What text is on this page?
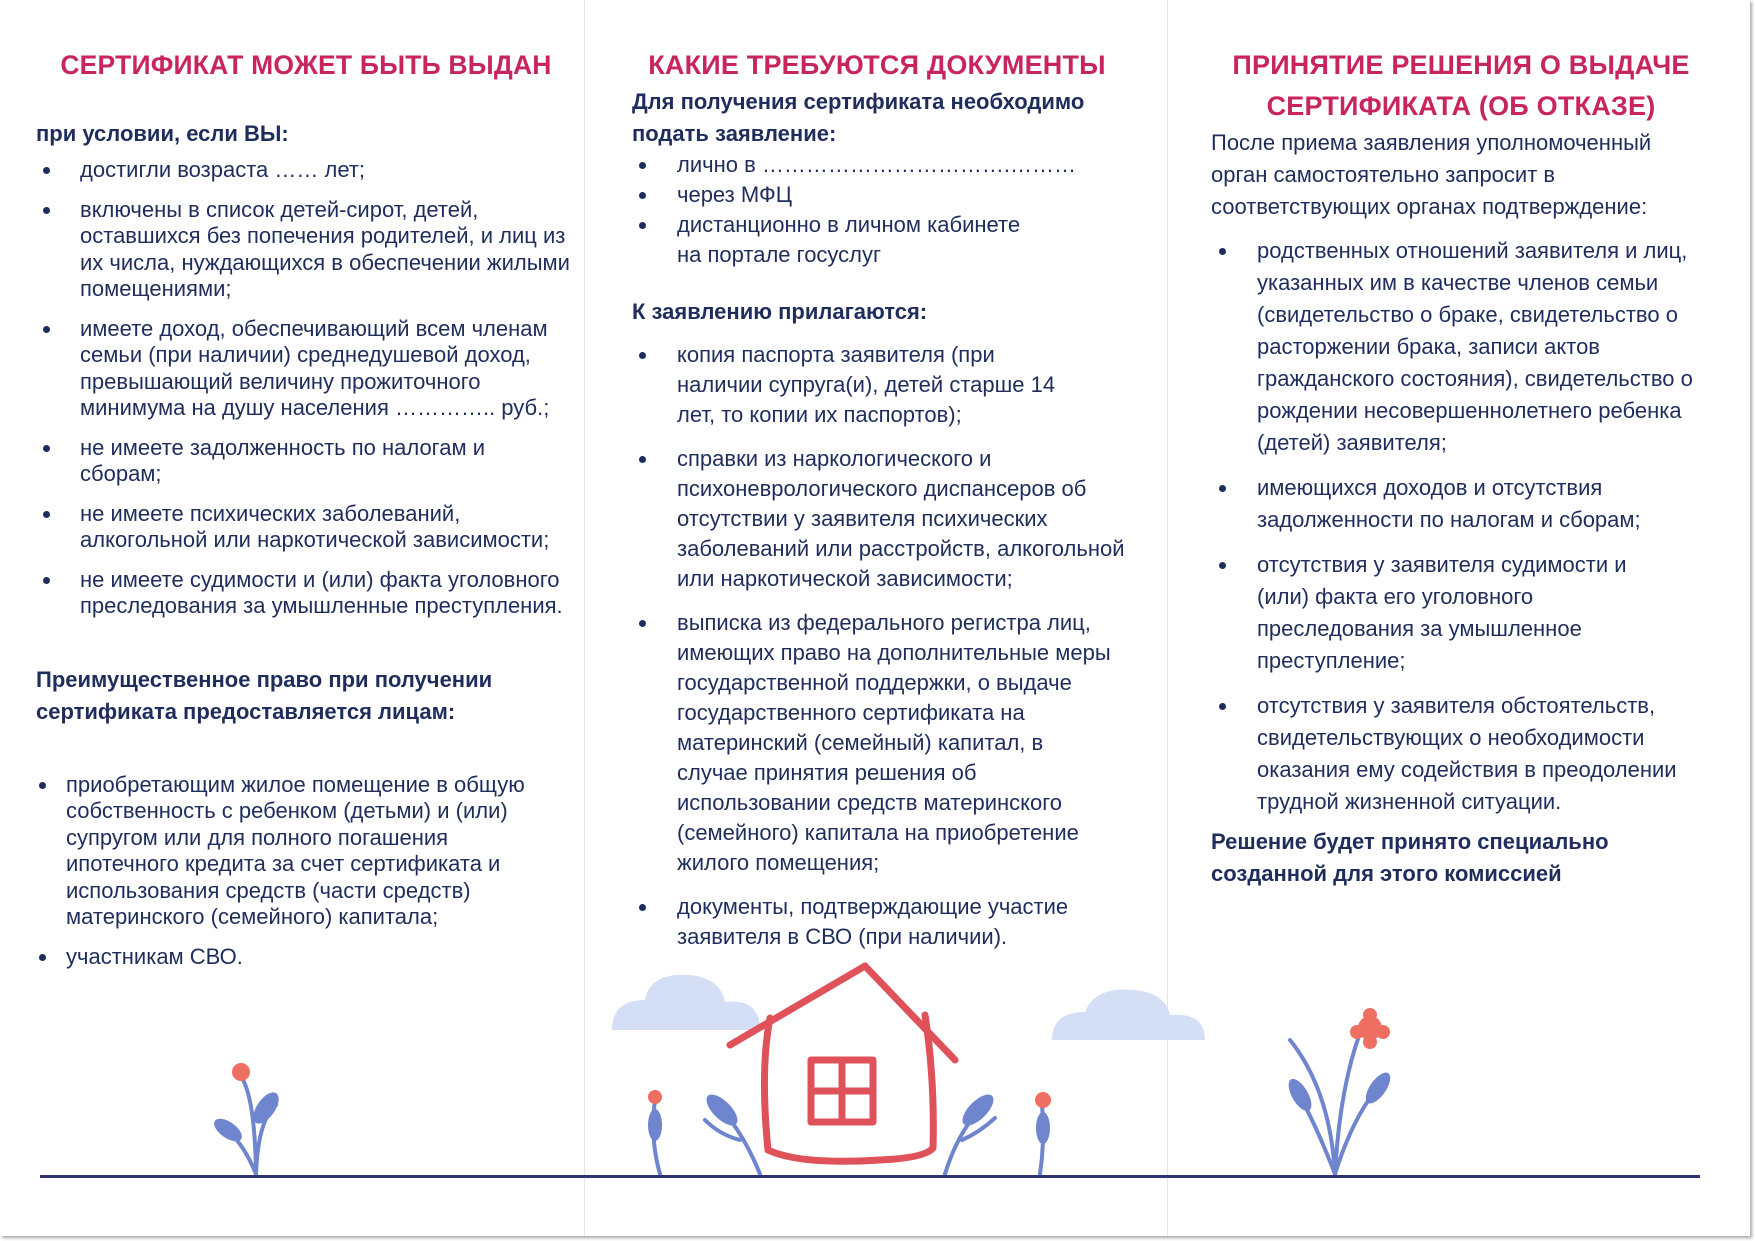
СЕРТИФИКАТ МОЖЕТ БЫТЬ ВЫДАН
при условии, если ВЫ:
достигли возраста …… лет;
включены в список детей-сирот, детей, оставшихся без попечения родителей, и лиц из их числа, нуждающихся в обеспечении жилыми помещениями;
имеете доход, обеспечивающий всем членам семьи (при наличии) среднедушевой доход, превышающий величину прожиточного минимума на душу населения ………….. руб.;
не имеете задолженность по налогам и сборам;
не имеете психических заболеваний, алкогольной или наркотической зависимости;
не имеете судимости и (или) факта уголовного преследования за умышленные преступления.
Преимущественное право при получении сертификата предоставляется лицам:
приобретающим жилое помещение в общую собственность с ребенком (детьми) и (или) супругом или для полного погашения ипотечного кредита за счет сертификата и использования средств (части средств) материнского (семейного) капитала;
участникам СВО.
КАКИЕ ТРЕБУЮТСЯ ДОКУМЕНТЫ
Для получения сертификата необходимо подать заявление:
лично в …………………………….………
через МФЦ
дистанционно в личном кабинете на портале госуслуг
К заявлению прилагаются:
копия паспорта заявителя (при наличии супруга(и), детей старше 14 лет, то копии их паспортов);
справки из наркологического и психоневрологического диспансеров об отсутствии у заявителя психических заболеваний или расстройств, алкогольной или наркотической зависимости;
выписка из федерального регистра лиц, имеющих право на дополнительные меры государственной поддержки, о выдаче государственного сертификата на материнский (семейный) капитал, в случае принятия решения об использовании средств материнского (семейного) капитала на приобретение жилого помещения;
документы, подтверждающие участие заявителя в СВО (при наличии).
ПРИНЯТИЕ РЕШЕНИЯ О ВЫДАЧЕ
СЕРТИФИКАТА (ОБ ОТКАЗЕ)
После приема заявления уполномоченный орган самостоятельно запросит в соответствующих органах подтверждение:
родственных отношений заявителя и лиц, указанных им в качестве членов семьи (свидетельство о браке, свидетельство о расторжении брака, записи актов гражданского состояния), свидетельство о рождении несовершеннолетнего ребенка (детей) заявителя;
имеющихся доходов и отсутствия задолженности по налогам и сборам;
отсутствия у заявителя судимости и (или) факта его уголовного преследования за умышленное преступление;
отсутствия у заявителя обстоятельств, свидетельствующих о необходимости оказания ему содействия в преодолении трудной жизненной ситуации.
Решение будет принято специально созданной для этого комиссией
